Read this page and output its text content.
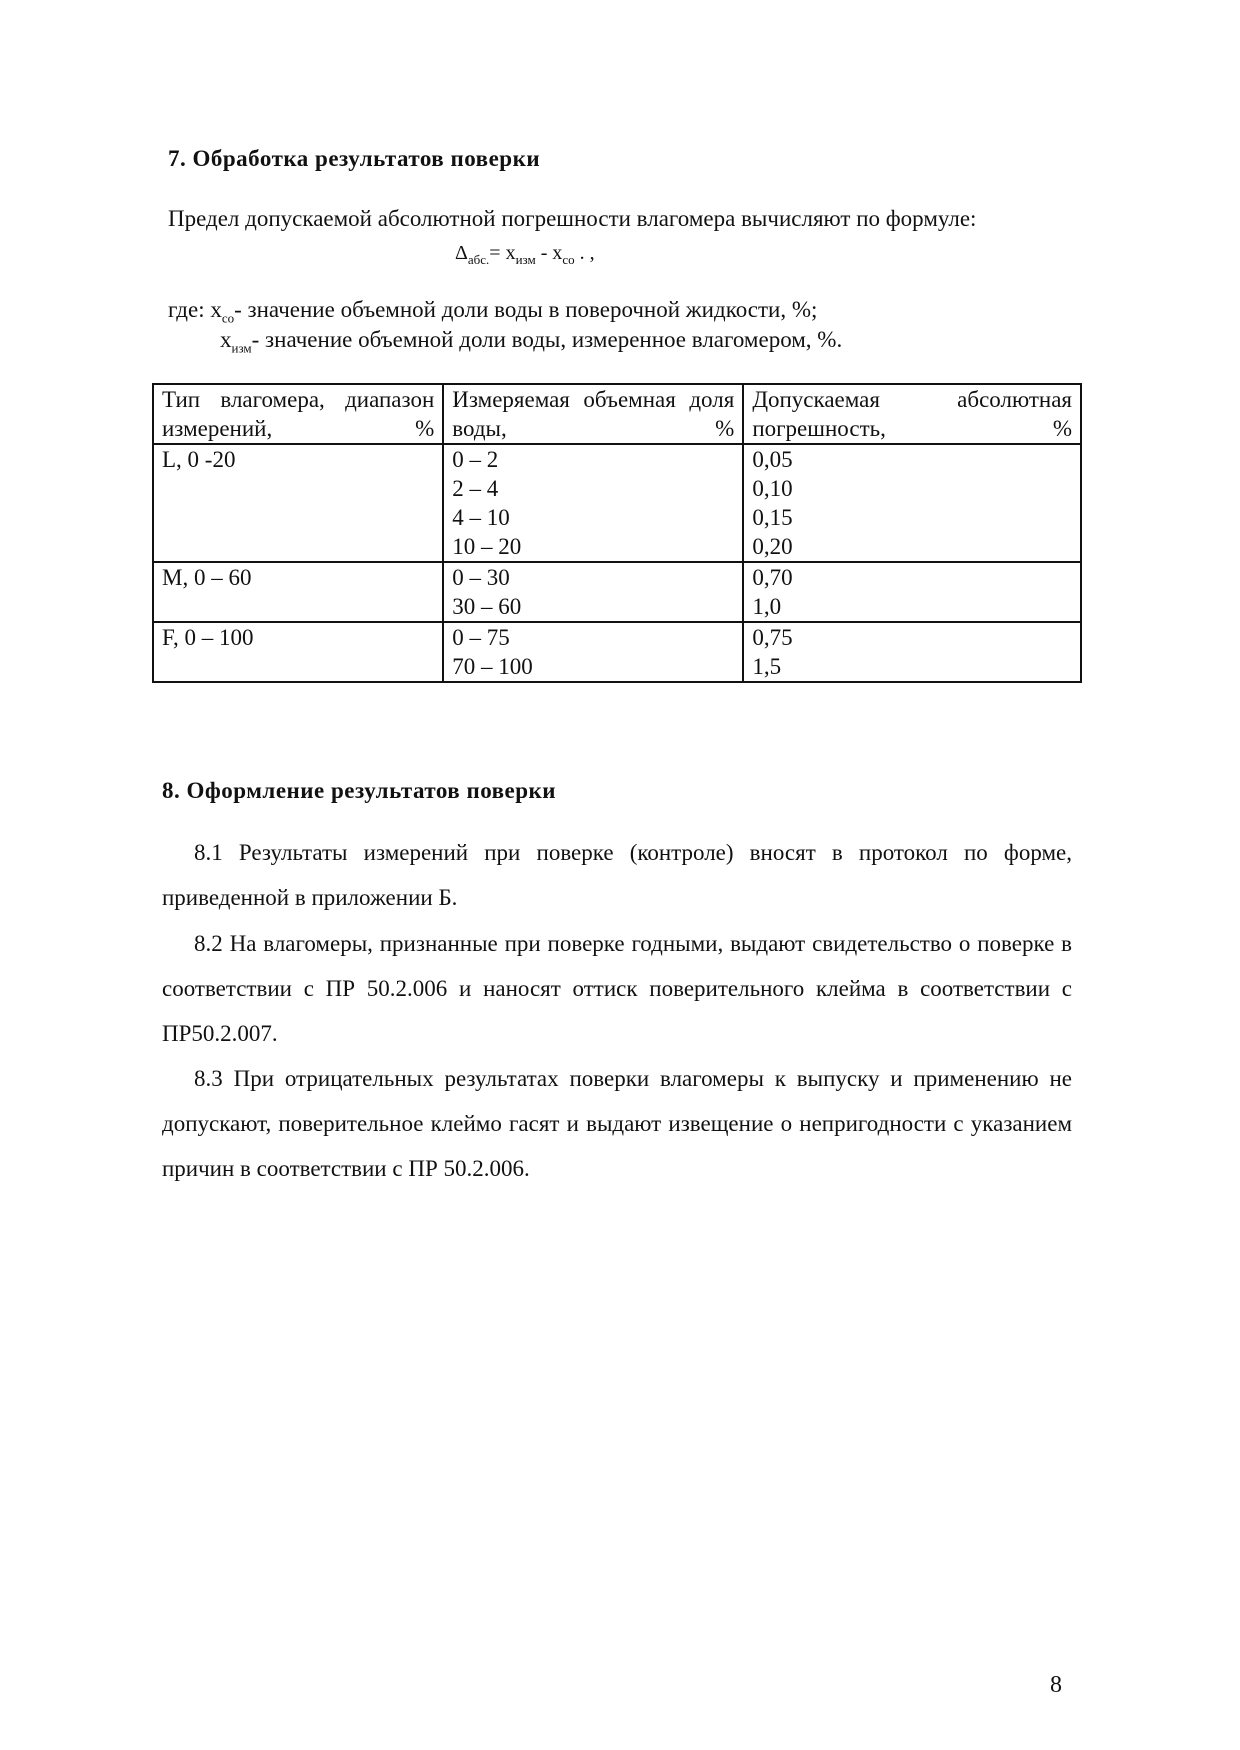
7. Обработка результатов поверки
Предел допускаемой абсолютной погрешности влагомера вычисляют по формуле:
$\Delta_{абс.}= x_{изм} - x_{со}$ . ,
где: $x_{со}-$ значение объемной доли воды в поверочной жидкости, %;
$x_{изм}-$ значение объемной доли воды, измеренное влагомером, %.
Тип влагомера, диапазон измерений, %	Измеряемая объемная доля воды, %	Допускаемая абсолютная погрешность, %

L, 0 -20	0 – 2	0,05
	2 – 4	0,10
	4 – 10	0,15
	10 – 20	0,20
M, 0 – 60	0 – 30	0,70
	30 – 60	1,0
F, 0 – 100	0 – 75	0,75
	70 – 100	1,5
8. Оформление результатов поверки
8.1 Результаты измерений при поверке (контроле) вносят в протокол по форме, приведенной в приложении Б.
8.2 На влагомеры, признанные при поверке годными, выдают свидетельство о поверке в соответствии с ПР 50.2.006 и наносят оттиск поверительного клейма в соответствии с ПР50.2.007.
8.3 При отрицательных результатах поверки влагомеры к выпуску и применению не допускают, поверительное клеймо гасят и выдают извещение о непригодности с указанием причин в соответствии с ПР 50.2.006.
8
